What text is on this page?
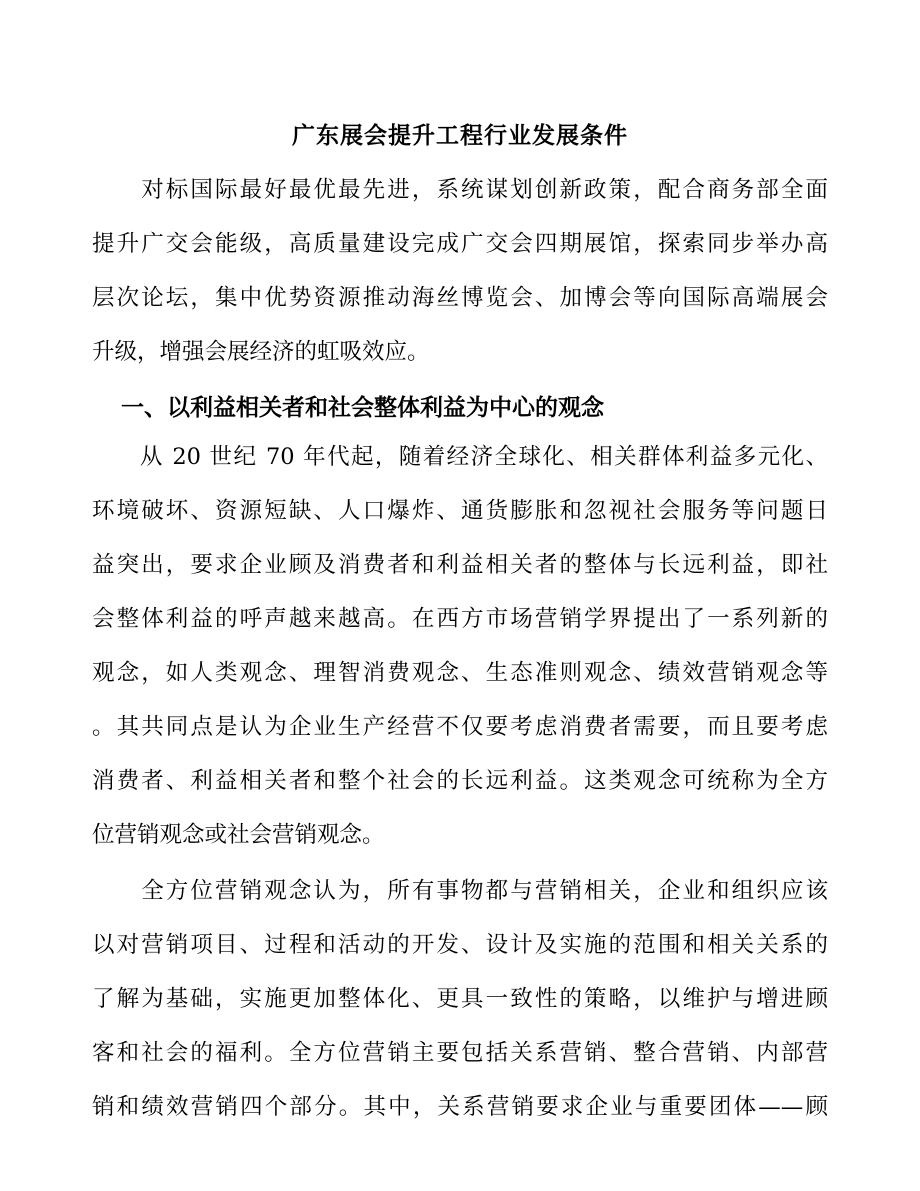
广东展会提升工程行业发展条件
　　对标国际最好最优最先进，系统谋划创新政策，配合商务部全面
提升广交会能级，高质量建设完成广交会四期展馆，探索同步举办高
层次论坛，集中优势资源推动海丝博览会、加博会等向国际高端展会
升级，增强会展经济的虹吸效应。
一、以利益相关者和社会整体利益为中心的观念
　　从 20 世纪 70 年代起，随着经济全球化、相关群体利益多元化、
环境破坏、资源短缺、人口爆炸、通货膨胀和忽视社会服务等问题日
益突出，要求企业顾及消费者和利益相关者的整体与长远利益，即社
会整体利益的呼声越来越高。在西方市场营销学界提出了一系列新的
观念，如人类观念、理智消费观念、生态准则观念、绩效营销观念等
。其共同点是认为企业生产经营不仅要考虑消费者需要，而且要考虑
消费者、利益相关者和整个社会的长远利益。这类观念可统称为全方
位营销观念或社会营销观念。
　　全方位营销观念认为，所有事物都与营销相关，企业和组织应该
以对营销项目、过程和活动的开发、设计及实施的范围和相关关系的
了解为基础，实施更加整体化、更具一致性的策略，以维护与增进顾
客和社会的福利。全方位营销主要包括关系营销、整合营销、内部营
销和绩效营销四个部分。其中，关系营销要求企业与重要团体——顾
